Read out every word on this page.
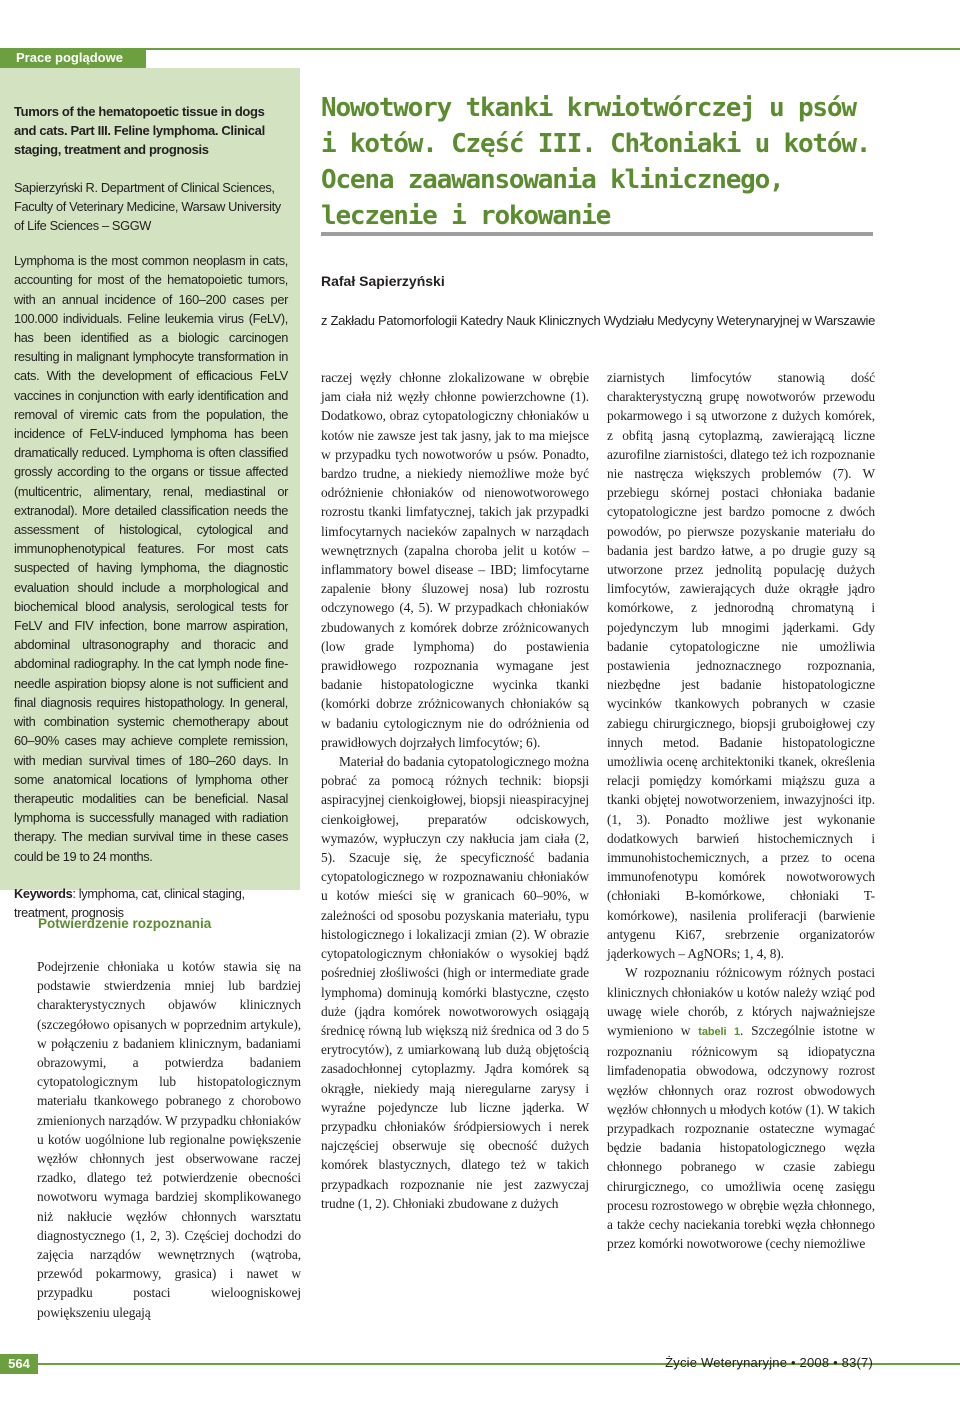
Prace poglądowe

Tumors of the hematopoetic tissue in dogs and cats. Part III. Feline lymphoma. Clinical staging, treatment and prognosis

Sapierzyński R. Department of Clinical Sciences, Faculty of Veterinary Medicine, Warsaw University of Life Sciences – SGGW

Lymphoma is the most common neoplasm in cats, accounting for most of the hematopoietic tumors, with an annual incidence of 160–200 cases per 100.000 individuals. Feline leukemia virus (FeLV), has been identified as a biologic carcinogen resulting in malignant lymphocyte transformation in cats. With the development of efficacious FeLV vaccines in conjunction with early identification and removal of viremic cats from the population, the incidence of FeLV-induced lymphoma has been dramatically reduced. Lymphoma is often classified grossly according to the organs or tissue affected (multicentric, alimentary, renal, mediastinal or extranodal). More detailed classification needs the assessment of histological, cytological and immunophenotypical features. For most cats suspected of having lymphoma, the diagnostic evaluation should include a morphological and biochemical blood analysis, serological tests for FeLV and FIV infection, bone marrow aspiration, abdominal ultrasonography and thoracic and abdominal radiography. In the cat lymph node fine-needle aspiration biopsy alone is not sufficient and final diagnosis requires histopathology. In general, with combination systemic chemotherapy about 60–90% cases may achieve complete remission, with median survival times of 180–260 days. In some anatomical locations of lymphoma other therapeutic modalities can be beneficial. Nasal lymphoma is successfully managed with radiation therapy. The median survival time in these cases could be 19 to 24 months.

Keywords: lymphoma, cat, clinical staging, treatment, prognosis

Nowotwory tkanki krwiotwórczej u psów i kotów. Część III. Chłoniaki u kotów. Ocena zaawansowania klinicznego, leczenie i rokowanie

Rafał Sapierzyński

z Zakładu Patomorfologii Katedry Nauk Klinicznych Wydziału Medycyny Weterynaryjnej w Warszawie

Potwierdzenie rozpoznania

Podejrzenie chłoniaka u kotów stawia się na podstawie stwierdzenia mniej lub bardziej charakterystycznych objawów klinicznych (szczegółowo opisanych w poprzednim artykule), w połączeniu z badaniem klinicznym, badaniami obrazowymi, a potwierdza badaniem cytopatologicznym lub histopatologicznym materiału tkankowego pobranego z chorobowo zmienionych narządów. W przypadku chłoniaków u kotów uogólnione lub regionalne powiększenie węzłów chłonnych jest obserwowane raczej rzadko, dlatego też potwierdzenie obecności nowotworu wymaga bardziej skomplikowanego niż nakłucie węzłów chłonnych warsztatu diagnostycznego (1, 2, 3). Częściej dochodzi do zajęcia narządów wewnętrznych (wątroba, przewód pokarmowy, grasica) i nawet w przypadku postaci wieloogniskowej powiększeniu ulegają

raczej węzły chłonne zlokalizowane w obrębie jam ciała niż węzły chłonne powierzchowne (1). Dodatkowo, obraz cytopatologiczny chłoniaków u kotów nie zawsze jest tak jasny, jak to ma miejsce w przypadku tych nowotworów u psów. Ponadto, bardzo trudne, a niekiedy niemożliwe może być odróżnienie chłoniaków od nienowotworowego rozrostu tkanki limfatycznej, takich jak przypadki limfocytarnych nacieków zapalnych w narządach wewnętrznych (zapalna choroba jelit u kotów – inflammatory bowel disease – IBD; limfocytarne zapalenie błony śluzowej nosa) lub rozrostu odczynowego (4, 5). W przypadkach chłoniaków zbudowanych z komórek dobrze zróżnicowanych (low grade lymphoma) do postawienia prawidłowego rozpoznania wymagane jest badanie histopatologiczne wycinka tkanki (komórki dobrze zróżnicowanych chłoniaków są w badaniu cytologicznym nie do odróżnienia od prawidłowych dojrzałych limfocytów; 6).

Materiał do badania cytopatologicznego można pobrać za pomocą różnych technik: biopsji aspiracyjnej cienkoigłowej, biopsji nieaspiracyjnej cienkoigłowej, preparatów odciskowych, wymazów, wypłuczyn czy nakłucia jam ciała (2, 5). Szacuje się, że specyficzność badania cytopatologicznego w rozpoznawaniu chłoniaków u kotów mieści się w granicach 60–90%, w zależności od sposobu pozyskania materiału, typu histologicznego i lokalizacji zmian (2). W obrazie cytopatologicznym chłoniaków o wysokiej bądź pośredniej złośliwości (high or intermediate grade lymphoma) dominują komórki blastyczne, często duże (jądra komórek nowotworowych osiągają średnicę równą lub większą niż średnica od 3 do 5 erytrocytów), z umiarkowaną lub dużą objętością zasadochłonnej cytoplazmy. Jądra komórek są okrągłe, niekiedy mają nieregularne zarysy i wyraźne pojedyncze lub liczne jąderka. W przypadku chłoniaków śródpiersiowych i nerek najczęściej obserwuje się obecność dużych komórek blastycznych, dlatego też w takich przypadkach rozpoznanie nie jest zazwyczaj trudne (1, 2). Chłoniaki zbudowane z dużych

ziarnistych limfocytów stanowią dość charakterystyczną grupę nowotworów przewodu pokarmowego i są utworzone z dużych komórek, z obfitą jasną cytoplazmą, zawierającą liczne azurofilne ziarnistości, dlatego też ich rozpoznanie nie nastręcza większych problemów (7). W przebiegu skórnej postaci chłoniaka badanie cytopatologiczne jest bardzo pomocne z dwóch powodów, po pierwsze pozyskanie materiału do badania jest bardzo łatwe, a po drugie guzy są utworzone przez jednolitą populację dużych limfocytów, zawierających duże okrągłe jądro komórkowe, z jednorodną chromatyną i pojedynczym lub mnogimi jąderkami. Gdy badanie cytopatologiczne nie umożliwia postawienia jednoznacznego rozpoznania, niezbędne jest badanie histopatologiczne wycinków tkankowych pobranych w czasie zabiegu chirurgicznego, biopsji gruboigłowej czy innych metod. Badanie histopatologiczne umożliwia ocenę architektoniki tkanek, określenia relacji pomiędzy komórkami miąższu guza a tkanki objętej nowotworzeniem, inwazyjności itp. (1, 3). Ponadto możliwe jest wykonanie dodatkowych barwień histochemicznych i immunohistochemicznych, a przez to ocena immunofenotypu komórek nowotworowych (chłoniaki B-komórkowe, chłoniaki T-komórkowe), nasilenia proliferacji (barwienie antygenu Ki67, srebrzenie organizatorów jąderkowych – AgNORs; 1, 4, 8).

W rozpoznaniu różnicowym różnych postaci klinicznych chłoniaków u kotów należy wziąć pod uwagę wiele chorób, z których najważniejsze wymieniono w tabeli 1. Szczególnie istotne w rozpoznaniu różnicowym są idiopatyczna limfadenopatia obwodowa, odczynowy rozrost węzłów chłonnych oraz rozrost obwodowych węzłów chłonnych u młodych kotów (1). W takich przypadkach rozpoznanie ostateczne wymagać będzie badania histopatologicznego węzła chłonnego pobranego w czasie zabiegu chirurgicznego, co umożliwia ocenę zasięgu procesu rozrostowego w obrębie węzła chłonnego, a także cechy naciekania torebki węzła chłonnego przez komórki nowotworowe (cechy niemożliwe

564	Życie Weterynaryjne • 2008 • 83(7)
